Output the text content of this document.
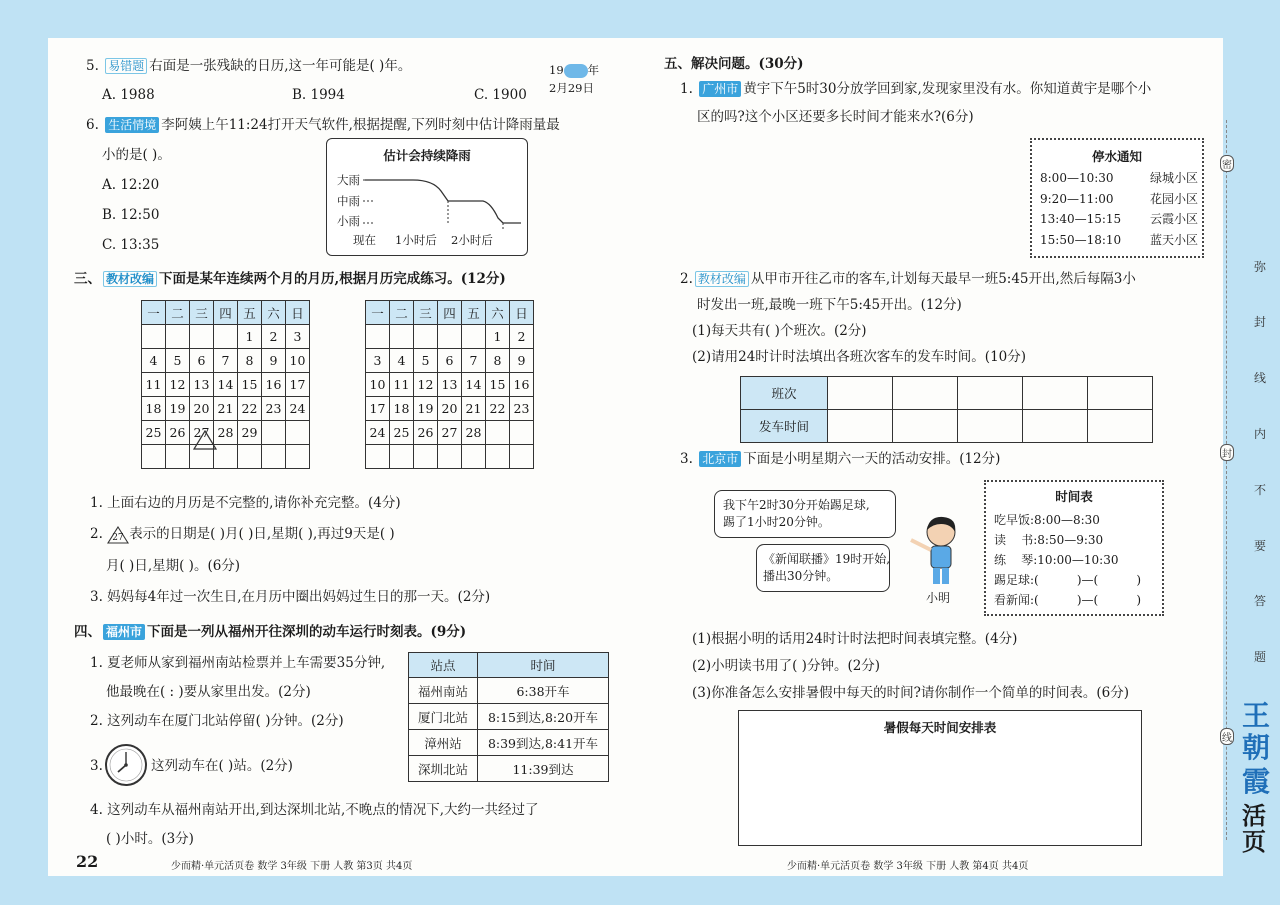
5. 易错题 右面是一张残缺的日历,这一年可能是( )年。	19 年
2月29日
A. 1988	B. 1994	C. 1900
6. 生活情境 李阿姨上午11:24打开天气软件,根据提醒,下列时刻中估计降雨量最
小的是( )。
A. 12:20
B. 12:50
C. 13:35
估计会持续降雨
大雨
中雨
小雨
现在 1小时后 2小时后
三、 教材改编 下面是某年连续两个月的月历,根据月历完成练习。(12分)
一	二	三	四	五	六	日
				1	2	3
4	5	6	7	8	9	10
11	12	13	14	15	16	17
18	19	20	21	22	23	24
25	26	27	28	29		

一	二	三	四	五	六	日
					1	2
3	4	5	6	7	8	9
10	11	12	13	14	15	16
17	18	19	20	21	22	23
24	25	26	27	28		

1. 上面右边的月历是不完整的,请你补充完整。(4分)
2. 27 表示的日期是( )月( )日,星期( ),再过9天是( )
月( )日,星期( )。(6分)
3. 妈妈每4年过一次生日,在月历中圈出妈妈过生日的那一天。(2分)
四、 福州市 下面是一列从福州开往深圳的动车运行时刻表。(9分)
1. 夏老师从家到福州南站检票并上车需要35分钟,
他最晚在( : )要从家里出发。(2分)
2. 这列动车在厦门北站停留( )分钟。(2分)
3.	这列动车在( )站。(2分)
4. 这列动车从福州南站开出,到达深圳北站,不晚点的情况下,大约一共经过了
( )小时。(3分)
站点	时间
福州南站	6:38开车
厦门北站	8:15到达,8:20开车
漳州站	8:39到达,8:41开车
深圳北站	11:39到达
22	少而精·单元活页卷 数学 3年级 下册 人教 第3页 共4页
五、解决问题。(30分)
1. 广州市 黄宇下午5时30分放学回到家,发现家里没有水。你知道黄宇是哪个小
区的吗?这个小区还要多长时间才能来水?(6分)
停水通知
8:00—10:30	绿城小区
9:20—11:00	花园小区
13:40—15:15 云霞小区
15:50—18:10 蓝天小区
2. 教材改编 从甲市开往乙市的客车,计划每天最早一班5:45开出,然后每隔3小
时发出一班,最晚一班下午5:45开出。(12分)
(1)每天共有( )个班次。(2分)
(2)请用24时计时法填出各班次客车的发车时间。(10分)
班次					
发车时间					
3. 北京市 下面是小明星期六一天的活动安排。(12分)
我下午2时30分开始踢足球,
踢了1小时20分钟。
《新闻联播》19时开始,
播出30分钟。
小明
时间表
吃早饭:8:00—8:30
读    书:8:50—9:30
练    琴:10:00—10:30
踢足球:(          )—(          )
看新闻:(          )—(          )
(1)根据小明的话用24时计时法把时间表填完整。(4分)
(2)小明读书用了( )分钟。(2分)
(3)你准备怎么安排暑假中每天的时间?请你制作一个简单的时间表。(6分)
暑假每天时间安排表
少而精·单元活页卷 数学 3年级 下册 人教 第4页 共4页
弥
封
线
内
不
要
答
题
密
封
线
王
朝
霞
活
页
